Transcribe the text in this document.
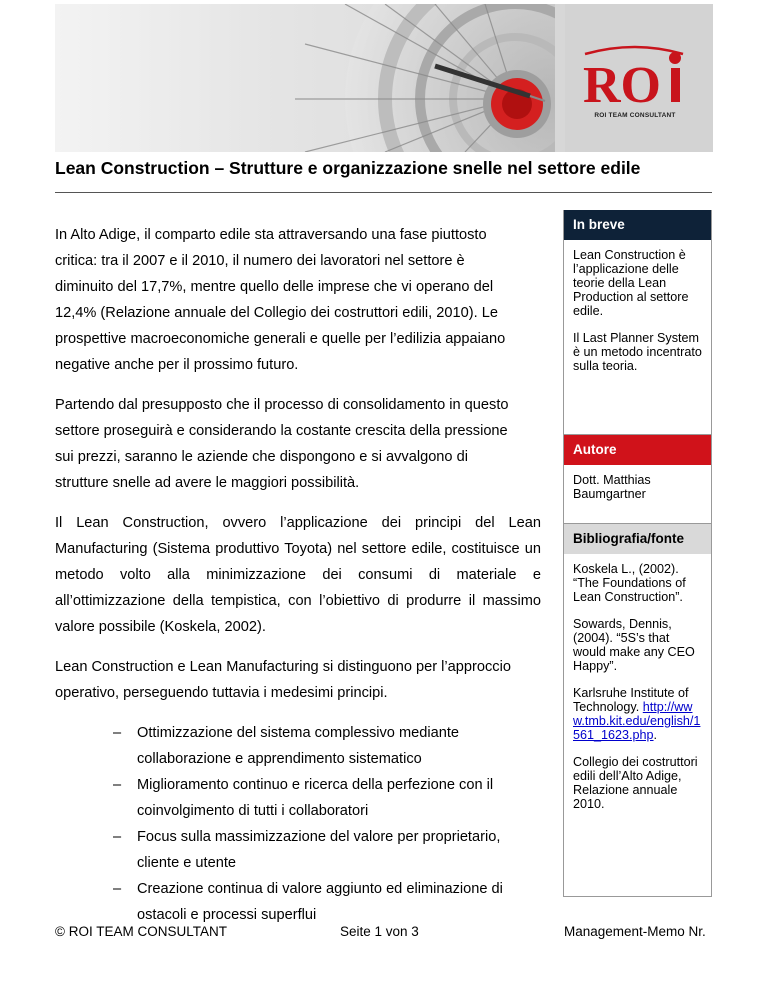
RO
ROI TEAM CONSULTANT
Lean Construction – Strutture e organizzazione snelle nel settore edile

In Alto Adige, il comparto edile sta attraversando una fase piuttosto
critica: tra il 2007 e il 2010, il numero dei lavoratori nel settore è
diminuito del 17,7%, mentre quello delle imprese che vi operano del
12,4% (Relazione annuale del Collegio dei costruttori edili, 2010). Le
prospettive macroeconomiche generali e quelle per l’edilizia appaiano
negative anche per il prossimo futuro.

Partendo dal presupposto che il processo di consolidamento in questo
settore proseguirà e considerando la costante crescita della pressione
sui prezzi, saranno le aziende che dispongono e si avvalgono di
strutture snelle ad avere le maggiori possibilità.

Il Lean Construction, ovvero l’applicazione dei principi del Lean Manufacturing (Sistema produttivo Toyota) nel settore edile, costituisce un metodo volto alla minimizzazione dei consumi di materiale e all’ottimizzazione della tempistica, con l’obiettivo di produrre il massimo valore possibile (Koskela, 2002).

Lean Construction e Lean Manufacturing si distinguono per l’approccio
operativo, perseguendo tuttavia i medesimi principi.

– Ottimizzazione del sistema complessivo mediante collaborazione e apprendimento sistematico
– Miglioramento continuo e ricerca della perfezione con il coinvolgimento di tutti i collaboratori
– Focus sulla massimizzazione del valore per proprietario, cliente e utente
– Creazione continua di valore aggiunto ed eliminazione di ostacoli e processi superflui
In breve

Lean Construction è l’applicazione delle teorie della Lean Production al settore edile.

Il Last Planner System è un metodo incentrato sulla teoria.

Autore

Dott. Matthias Baumgartner

Bibliografia/fonte

Koskela L., (2002). “The Foundations of Lean Construction”.

Sowards, Dennis, (2004). “5S’s that would make any CEO Happy”.

Karlsruhe Institute of Technology. http://www.tmb.kit.edu/english/1561_1623.php.

Collegio dei costruttori edili dell’Alto Adige, Relazione annuale 2010.

© ROI TEAM CONSULTANT	Seite 1 von 3	Management-Memo Nr.
